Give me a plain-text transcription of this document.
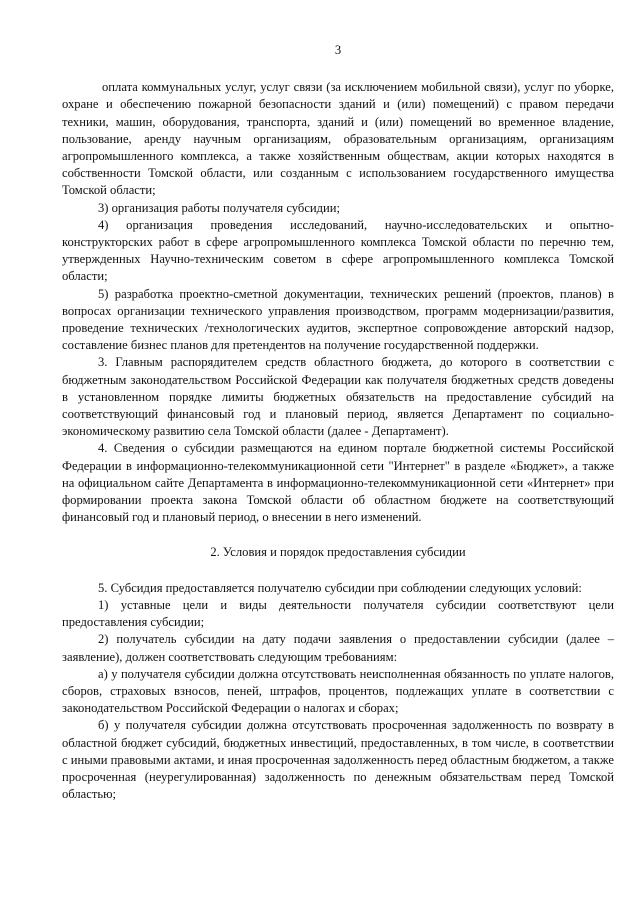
3

оплата коммунальных услуг, услуг связи (за исключением мобильной связи), услуг по уборке, охране и обеспечению пожарной безопасности зданий и (или) помещений) с правом передачи техники, машин, оборудования, транспорта, зданий и (или) помещений во временное владение, пользование, аренду научным организациям, образовательным организациям, организациям агропромышленного комплекса, а также хозяйственным обществам, акции которых находятся в собственности Томской области, или созданным с использованием государственного имущества Томской области;

3) организация работы получателя субсидии;

4) организация проведения исследований, научно-исследовательских и опытно-конструкторских работ в сфере агропромышленного комплекса Томской области по перечню тем, утвержденных Научно-техническим советом в сфере агропромышленного комплекса Томской области;

5) разработка проектно-сметной документации, технических решений (проектов, планов) в вопросах организации технического управления производством, программ модернизации/развития, проведение технических /технологических аудитов, экспертное сопровождение авторский надзор, составление бизнес планов для претендентов на получение государственной поддержки.

3. Главным распорядителем средств областного бюджета, до которого в соответствии с бюджетным законодательством Российской Федерации как получателя бюджетных средств доведены в установленном порядке лимиты бюджетных обязательств на предоставление субсидий на соответствующий финансовый год и плановый период, является Департамент по социально-экономическому развитию села Томской области (далее - Департамент).

4. Сведения о субсидии размещаются на едином портале бюджетной системы Российской Федерации в информационно-телекоммуникационной сети "Интернет" в разделе «Бюджет», а также на официальном сайте Департамента в информационно-телекоммуникационной сети «Интернет» при формировании проекта закона Томской области об областном бюджете на соответствующий финансовый год и плановый период, о внесении в него изменений.

2. Условия и порядок предоставления субсидии

5. Субсидия предоставляется получателю субсидии при соблюдении следующих условий:

1) уставные цели и виды деятельности получателя субсидии соответствуют цели предоставления субсидии;

2) получатель субсидии на дату подачи заявления о предоставлении субсидии (далее – заявление), должен соответствовать следующим требованиям:

а) у получателя субсидии должна отсутствовать неисполненная обязанность по уплате налогов, сборов, страховых взносов, пеней, штрафов, процентов, подлежащих уплате в соответствии с законодательством Российской Федерации о налогах и сборах;

б) у получателя субсидии должна отсутствовать просроченная задолженность по возврату в областной бюджет субсидий, бюджетных инвестиций, предоставленных, в том числе, в соответствии с иными правовыми актами, и иная просроченная задолженность перед областным бюджетом, а также просроченная (неурегулированная) задолженность по денежным обязательствам перед Томской областью;
